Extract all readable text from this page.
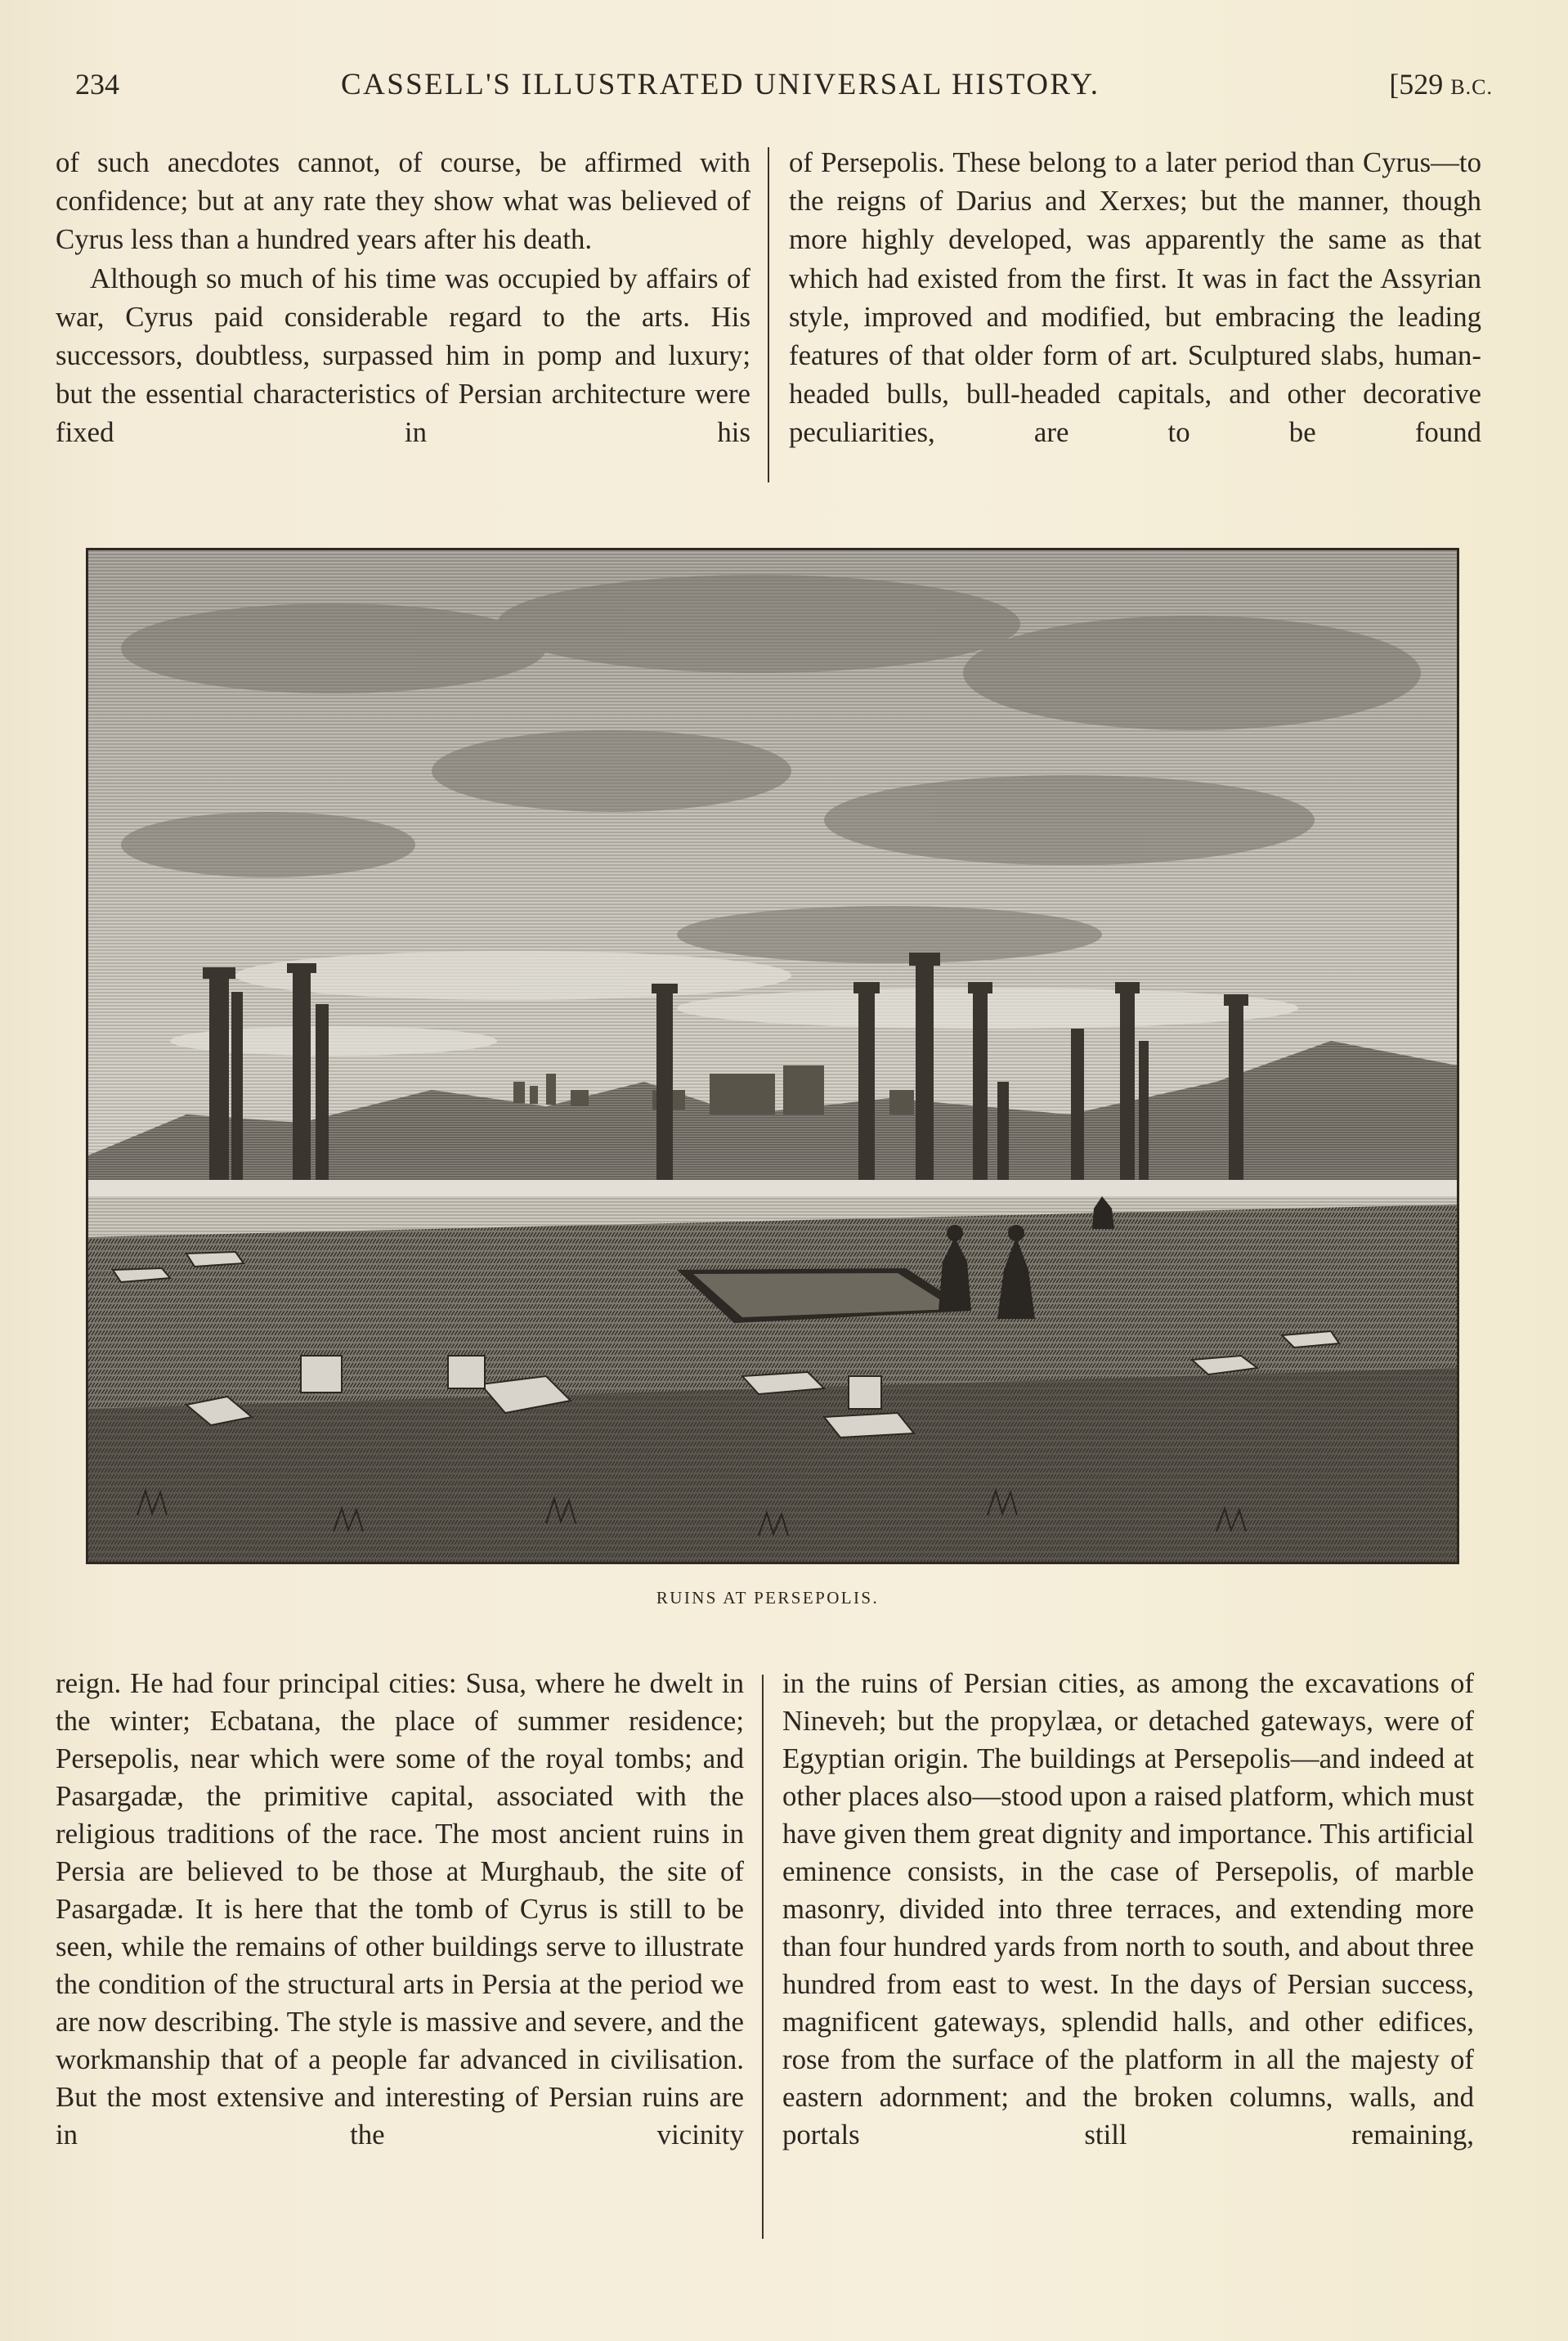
234	CASSELL'S ILLUSTRATED UNIVERSAL HISTORY.	[529 B.C.

of such anecdotes cannot, of course, be affirmed with confidence; but at any rate they show what was believed of Cyrus less than a hundred years after his death.

Although so much of his time was occupied by affairs of war, Cyrus paid considerable regard to the arts. His successors, doubtless, surpassed him in pomp and luxury; but the essential characteristics of Persian architecture were fixed in his

of Persepolis. These belong to a later period than Cyrus—to the reigns of Darius and Xerxes; but the manner, though more highly developed, was apparently the same as that which had existed from the first. It was in fact the Assyrian style, improved and modified, but embracing the leading features of that older form of art. Sculptured slabs, human-headed bulls, bull-headed capitals, and other decorative peculiarities, are to be found

RUINS AT PERSEPOLIS.

reign. He had four principal cities: Susa, where he dwelt in the winter; Ecbatana, the place of summer residence; Persepolis, near which were some of the royal tombs; and Pasargadæ, the primitive capital, associated with the religious traditions of the race. The most ancient ruins in Persia are believed to be those at Murghaub, the site of Pasargadæ. It is here that the tomb of Cyrus is still to be seen, while the remains of other buildings serve to illustrate the condition of the structural arts in Persia at the period we are now describing. The style is massive and severe, and the workmanship that of a people far advanced in civilisation. But the most extensive and interesting of Persian ruins are in the vicinity

in the ruins of Persian cities, as among the excavations of Nineveh; but the propylæa, or detached gateways, were of Egyptian origin. The buildings at Persepolis—and indeed at other places also—stood upon a raised platform, which must have given them great dignity and importance. This artificial eminence consists, in the case of Persepolis, of marble masonry, divided into three terraces, and extending more than four hundred yards from north to south, and about three hundred from east to west. In the days of Persian success, magnificent gateways, splendid halls, and other edifices, rose from the surface of the platform in all the majesty of eastern adornment; and the broken columns, walls, and portals still remaining,
